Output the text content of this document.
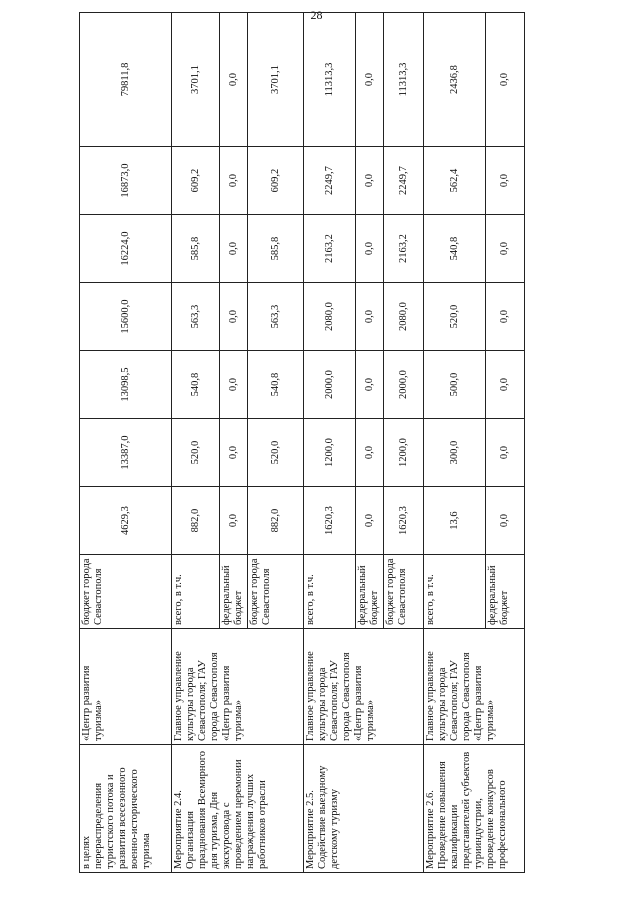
28
в целях перераспределения туристского потока и развития всесезонного военно-исторического туризма	«Центр развития туризма»	бюджет города Севастополя	4629,3	13387,0	13098,5	15600,0	16224,0	16873,0	79811,8
Мероприятие 2.4. Организация празднования Всемирного дня туризма, Дня экскурсовода с проведением церемонии награждения лучших работников отрасли	Главное управление культуры города Севастополя; ГАУ города Севастополя «Центр развития туризма»	всего, в т.ч.	882,0	520,0	540,8	563,3	585,8	609,2	3701,1
		федеральный бюджет	0,0	0,0	0,0	0,0	0,0	0,0	0,0
		бюджет города Севастополя	882,0	520,0	540,8	563,3	585,8	609,2	3701,1
Мероприятие 2.5. Содействие выездному детскому туризму	Главное управление культуры города Севастополя; ГАУ города Севастополя «Центр развития туризма»	всего, в т.ч.	1620,3	1200,0	2000,0	2080,0	2163,2	2249,7	11313,3
		федеральный бюджет	0,0	0,0	0,0	0,0	0,0	0,0	0,0
		бюджет города Севастополя	1620,3	1200,0	2000,0	2080,0	2163,2	2249,7	11313,3
Мероприятие 2.6. Проведение повышения квалификации представителей субъектов турииндустрии, проведение конкурсов профессионального	Главное управление культуры города Севастополя; ГАУ города Севастополя «Центр развития туризма»	всего, в т.ч.	13,6	300,0	500,0	520,0	540,8	562,4	2436,8
		федеральный бюджет	0,0	0,0	0,0	0,0	0,0	0,0	0,0
